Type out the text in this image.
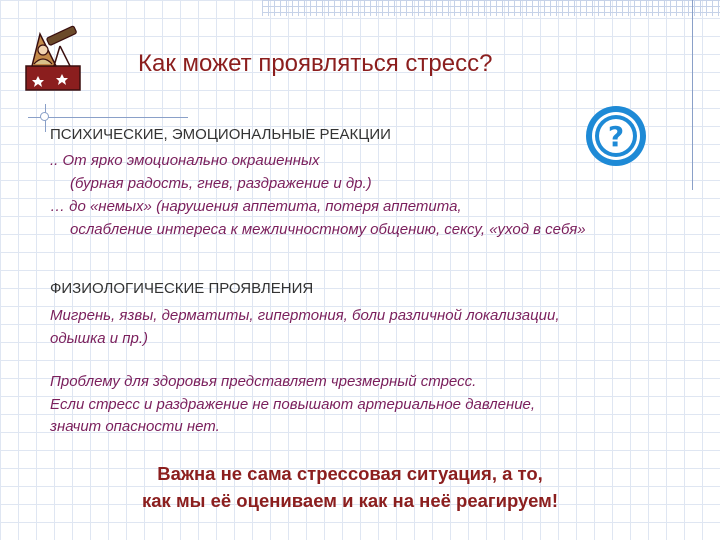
Как может проявляться стресс?
?
ПСИХИЧЕСКИЕ, ЭМОЦИОНАЛЬНЫЕ РЕАКЦИИ

.. От ярко эмоционально окрашенных

(бурная радость, гнев, раздражение и др.)

… до «немых» (нарушения аппетита, потеря аппетита,

ослабление интереса к межличностному общению, сексу, «уход в себя»

ФИЗИОЛОГИЧЕСКИЕ ПРОЯВЛЕНИЯ

Мигрень, язвы, дерматиты, гипертония, боли различной локализации,

одышка и пр.)

Проблему для здоровья представляет чрезмерный стресс.

Если стресс и раздражение не повышают артериальное давление,

значит опасности нет.

Важна не сама стрессовая ситуация, а то,
как мы её оцениваем и как на неё реагируем!
